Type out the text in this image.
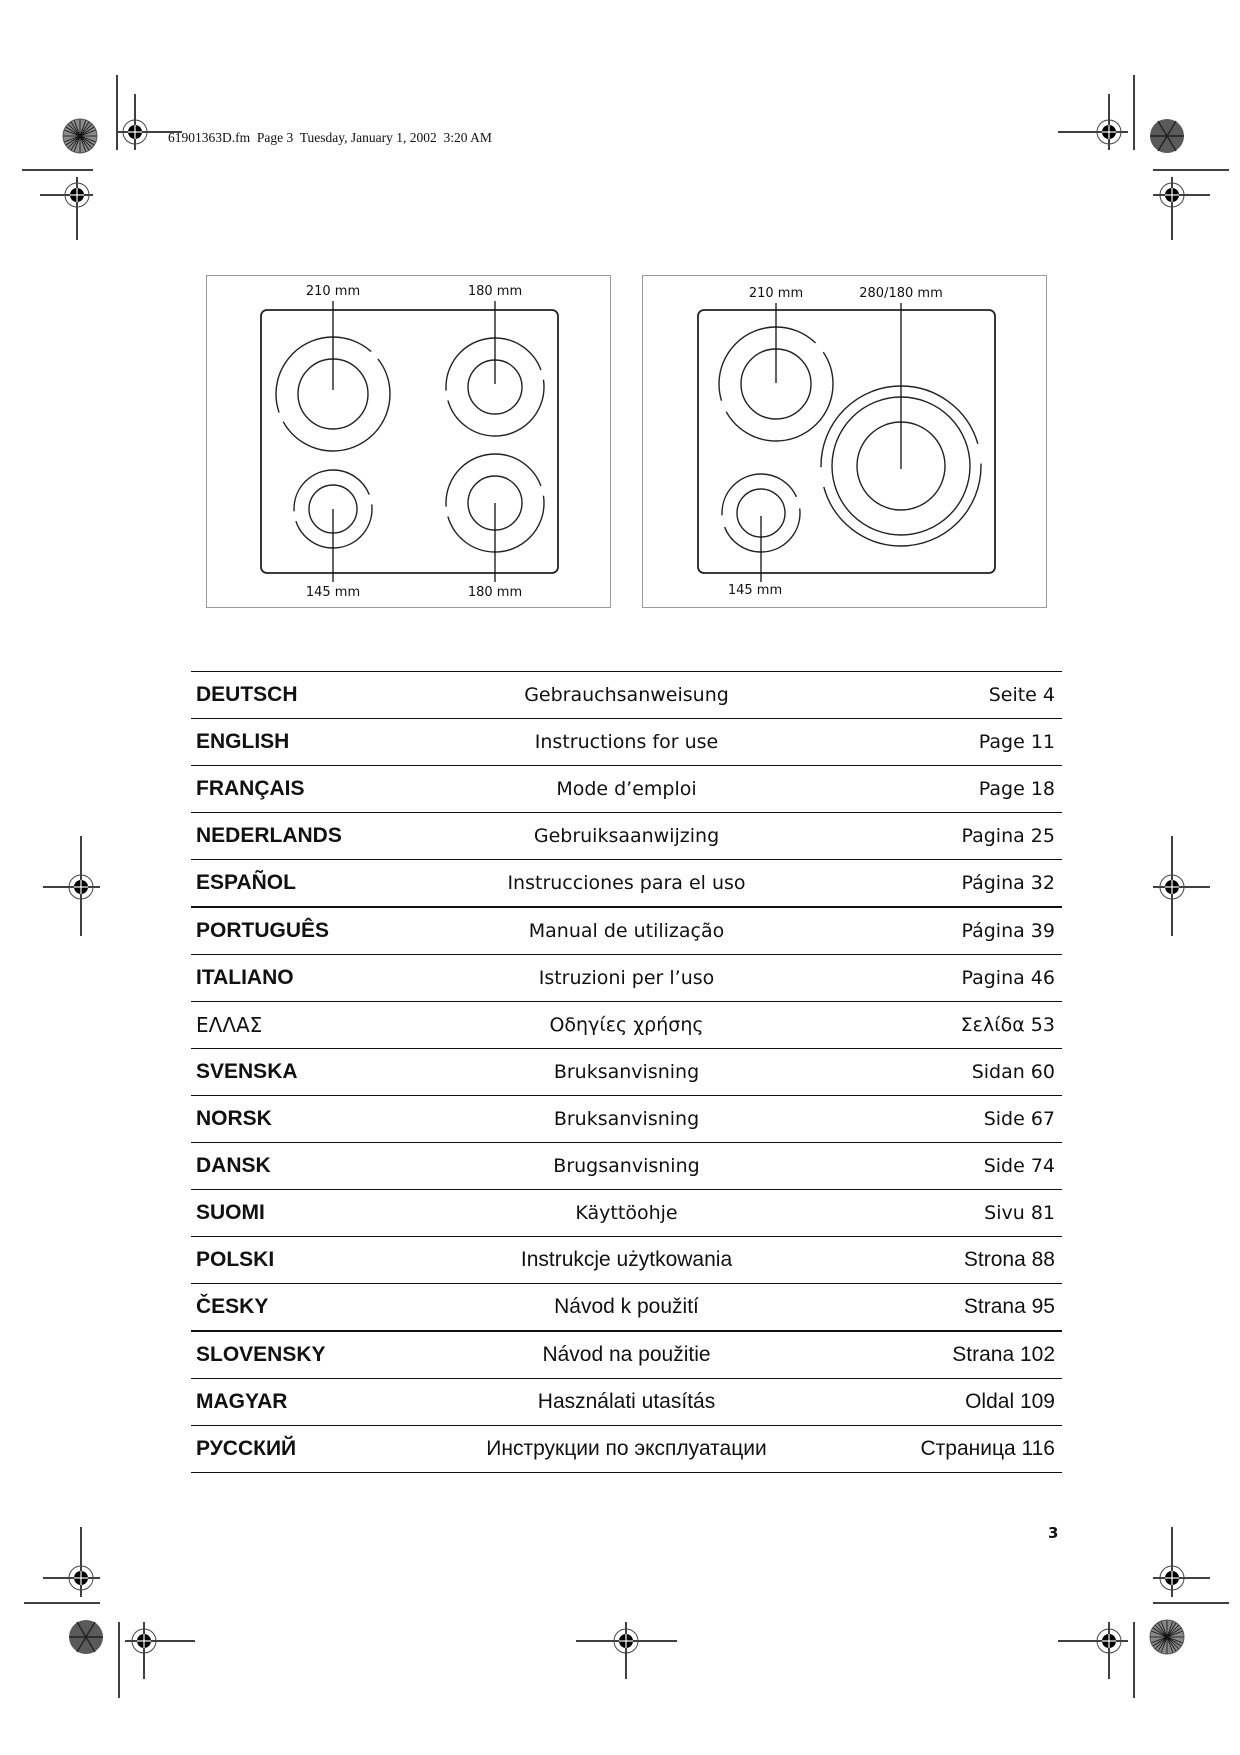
61901363D.fm  Page 3  Tuesday, January 1, 2002  3:20 AM
210 mm	180 mm
145 mm	180 mm
210 mm	280/180 mm
145 mm
DEUTSCH	Gebrauchsanweisung	Seite 4
ENGLISH	Instructions for use	Page 11
FRANÇAIS	Mode d’emploi	Page 18
NEDERLANDS	Gebruiksaanwijzing	Pagina 25
ESPAÑOL	Instrucciones para el uso	Página 32
PORTUGUÊS	Manual de utilização	Página 39
ITALIANO	Istruzioni per l’uso	Pagina 46
ΕΛΛΑΣ	Οδηγίες χρήσης	Σελίδα 53
SVENSKA	Bruksanvisning	Sidan 60
NORSK	Bruksanvisning	Side 67
DANSK	Brugsanvisning	Side 74
SUOMI	Käyttöohje	Sivu 81
POLSKI	Instrukcje użytkowania	Strona 88
ČESKY	Návod k použití	Strana 95
SLOVENSKY	Návod na použitie	Strana 102
MAGYAR	Használati utasítás	Oldal 109
РУССКИЙ	Инструкции по эксплуатации	Страница 116
3
